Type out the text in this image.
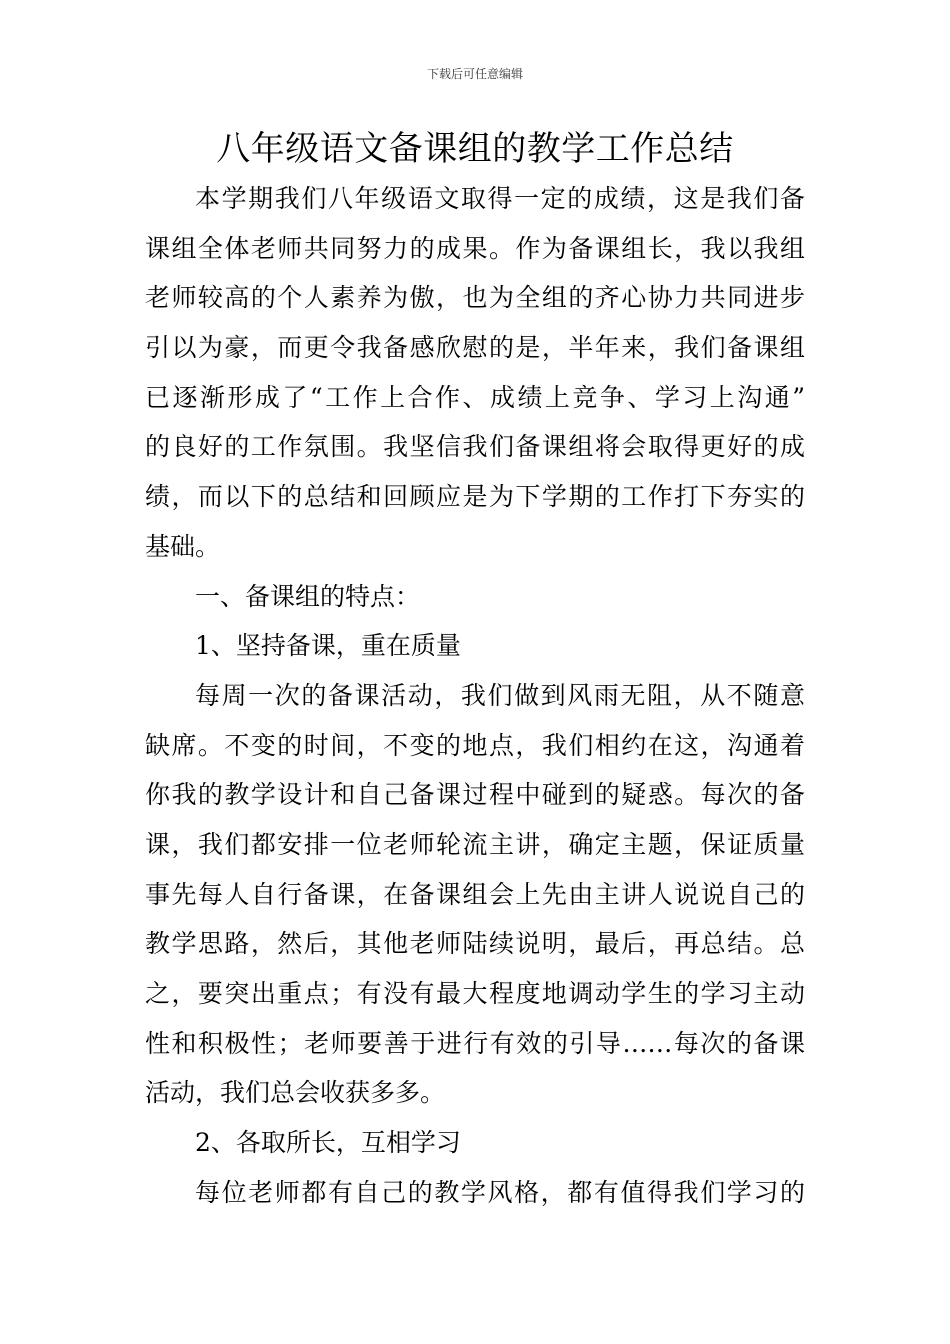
下载后可任意编辑
八年级语文备课组的教学工作总结
本学期我们八年级语文取得一定的成绩，这是我们备
课组全体老师共同努力的成果。作为备课组长，我以我组
老师较高的个人素养为傲，也为全组的齐心协力共同进步
引以为豪，而更令我备感欣慰的是，半年来，我们备课组
已逐渐形成了“工作上合作、成绩上竞争、学习上沟通”
的良好的工作氛围。我坚信我们备课组将会取得更好的成
绩，而以下的总结和回顾应是为下学期的工作打下夯实的
基础。
一、备课组的特点：
1、坚持备课，重在质量
每周一次的备课活动，我们做到风雨无阻，从不随意
缺席。不变的时间，不变的地点，我们相约在这，沟通着
你我的教学设计和自己备课过程中碰到的疑惑。每次的备
课，我们都安排一位老师轮流主讲，确定主题，保证质量
事先每人自行备课，在备课组会上先由主讲人说说自己的
教学思路，然后，其他老师陆续说明，最后，再总结。总
之，要突出重点；有没有最大程度地调动学生的学习主动
性和积极性；老师要善于进行有效的引导……每次的备课
活动，我们总会收获多多。
2、各取所长，互相学习
每位老师都有自己的教学风格，都有值得我们学习的
